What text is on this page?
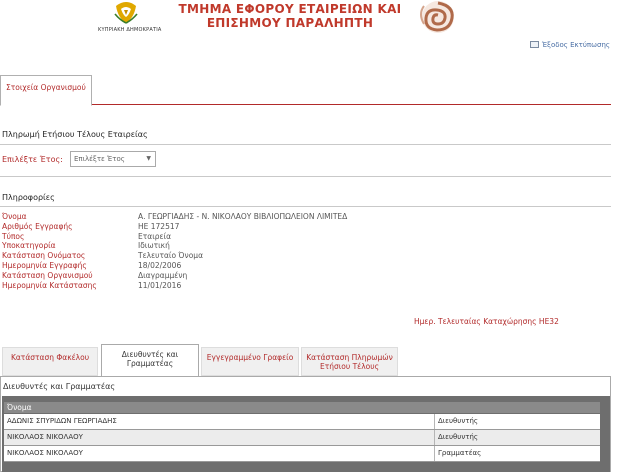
ΚΥΠΡΙΑΚΗ ΔΗΜΟΚΡΑΤΙΑ
ΤΜΗΜΑ ΕΦΟΡΟΥ ΕΤΑΙΡΕΙΩΝ ΚΑΙ
ΕΠΙΣΗΜΟΥ ΠΑΡΑΛΗΠΤΗ
Έξοδος Εκτύπωσης
Στοιχεία Οργανισμού
Πληρωμή Ετήσιου Τέλους Εταιρείας
Επιλέξτε Έτος:	Επιλέξτε Έτος	▼
Πληροφορίες
Όνομα	Α. ΓΕΩΡΓΙΑΔΗΣ - Ν. ΝΙΚΟΛΑΟΥ ΒΙΒΛΙΟΠΩΛΕΙΟΝ ΛΙΜΙΤΕΔ
Αριθμός Εγγραφής	ΗΕ 172517
Τύπος	Εταιρεία
Υποκατηγορία	Ιδιωτική
Κατάσταση Ονόματος	Τελευταίο Όνομα
Ημερομηνία Εγγραφής	18/02/2006
Κατάσταση Οργανισμού	Διαγραμμένη
Ημερομηνία Κατάστασης	11/01/2016
Ημερ. Τελευταίας Καταχώρησης ΗΕ32
Κατάσταση Φακέλου	Διευθυντές και
Γραμματέας
Εγγεγραμμένο Γραφείο	Κατάσταση Πληρωμών
Ετήσιου Τέλους
Διευθυντές και Γραμματέας
Όνομα
ΑΔΩΝΙΣ ΣΠΥΡΙΔΩΝ ΓΕΩΡΓΙΑΔΗΣ	Διευθυντής
ΝΙΚΟΛΑΟΣ ΝΙΚΟΛΑΟΥ	Διευθυντής
ΝΙΚΟΛΑΟΣ ΝΙΚΟΛΑΟΥ	Γραμματέας
